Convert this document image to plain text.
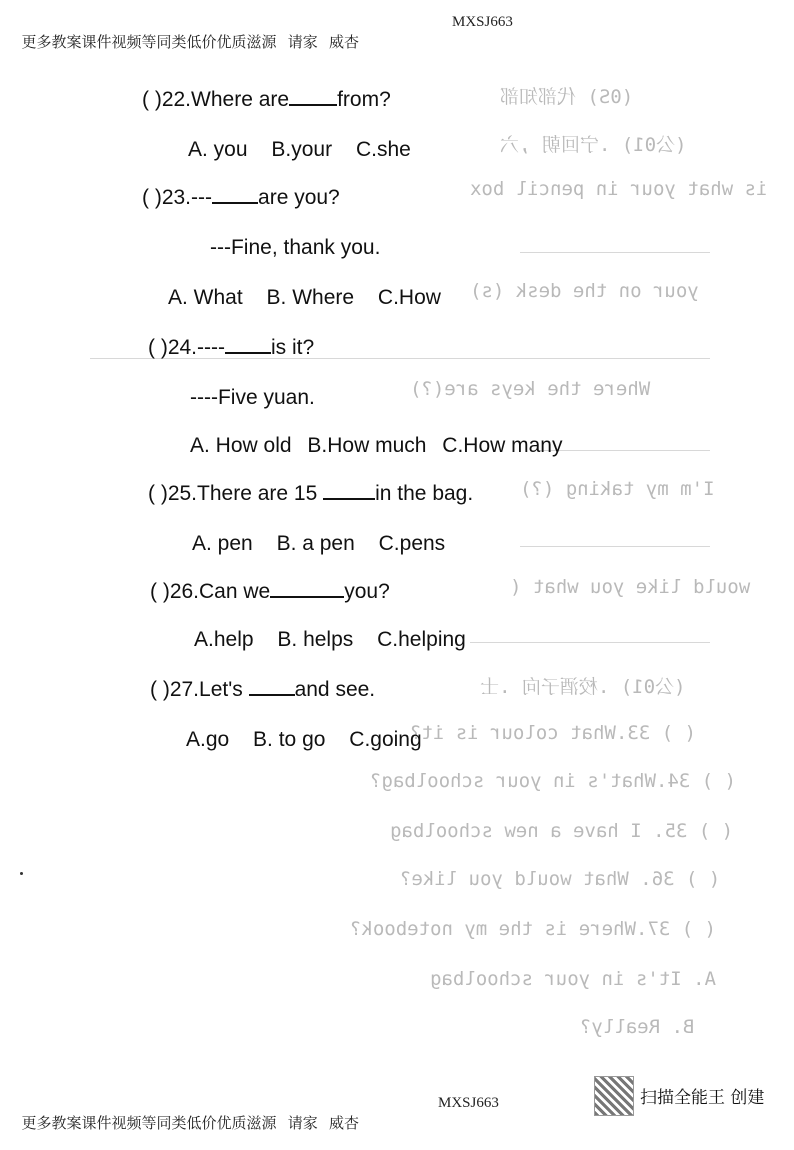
更多教案课件视频等同类低价优质滋源   请家   威杏

MXSJ663

(0S) 代部知部
(公01) .宁回朝 ,六
is what your in pencil box
your on the desk (s)
Where the keys are(?)
I'm my taking (?)
would like you what (
(公01) .校酒子向 .士
( ) 33.What colour is it?
( ) 34.What's in your schoolbag?
( ) 35. I have a new schoolbag
( ) 36. What would you like?
( ) 37.Where is the my notebook?
A. It's in your schoolbag
B. Really?
( )22.Where are from?
A. you B.your C.she
( )23.--- are you?
---Fine, thank you.
A. What B. Where C.How
( )24.---- is it?
----Five yuan.
A. How old B.How much C.How many
( )25.There are 15	in the bag.
A. pen B. a pen C.pens
( )26.Can we	you?
A.help B. helps C.helping
( )27.Let's and see.
A.go B. to go C.going

更多教案课件视频等同类低价优质滋源   请家   威杏

MXSJ663	扫描全能王 创建
